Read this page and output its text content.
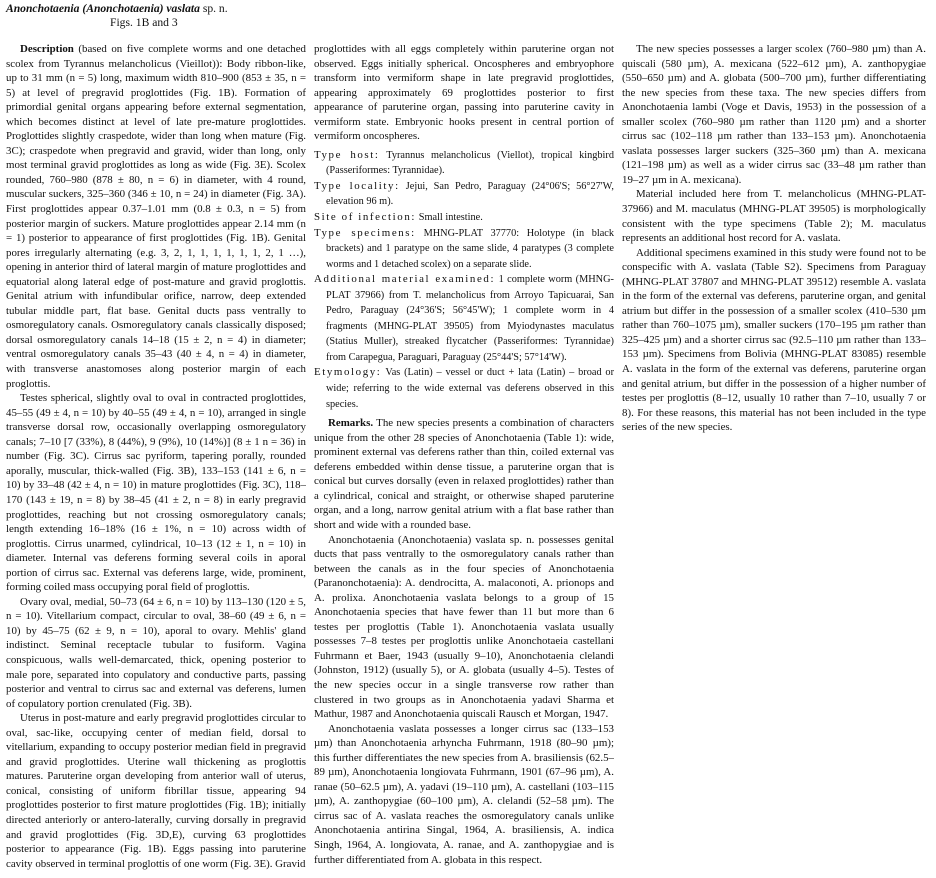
Anonchotaenia (Anonchotaenia) vaslata sp. n.
Figs. 1B and 3

Description (based on five complete worms and one detached scolex from Tyrannus melancholicus (Vieillot)): Body ribbon-like, up to 31 mm (n = 5) long, maximum width 810–900 (853 ± 35, n = 5) at level of pregravid proglottides (Fig. 1B). Formation of primordial genital organs appearing before external segmentation, which becomes distinct at level of late pre-mature proglottides. Proglottides slightly craspedote, wider than long when mature (Fig. 3C); craspedote when pregravid and gravid, wider than long, only most terminal gravid proglottides as long as wide (Fig. 3E). Scolex rounded, 760–980 (878 ± 80, n = 6) in diameter, with 4 round, muscular suckers, 325–360 (346 ± 10, n = 24) in diameter (Fig. 3A). First proglottides appear 0.37–1.01 mm (0.8 ± 0.3, n = 5) from posterior margin of suckers. Mature proglottides appear 2.14 mm (n = 1) posterior to appearance of first proglottides (Fig. 1B). Genital pores irregularly alternating (e.g. 3, 2, 1, 1, 1, 1, 1, 1, 2, 1 …), opening in anterior third of lateral margin of mature proglottides and equatorial along lateral edge of post-mature and gravid proglottis. Genital atrium with infundibular orifice, narrow, deep extended tubular middle part, flat base. Genital ducts pass ventrally to osmoregulatory canals. Osmoregulatory canals classically disposed; dorsal osmoregulatory canals 14–18 (15 ± 2, n = 4) in diameter; ventral osmoregulatory canals 35–43 (40 ± 4, n = 4) in diameter, with transverse anastomoses along posterior margin of each proglottis.

Testes spherical, slightly oval to oval in contracted proglottides, 45–55 (49 ± 4, n = 10) by 40–55 (49 ± 4, n = 10), arranged in single transverse dorsal row, occasionally overlapping osmoregulatory canals; 7–10 [7 (33%), 8 (44%), 9 (9%), 10 (14%)] (8 ± 1 n = 36) in number (Fig. 3C). Cirrus sac pyriform, tapering porally, rounded aporally, muscular, thick-walled (Fig. 3B), 133–153 (141 ± 6, n = 10) by 33–48 (42 ± 4, n = 10) in mature proglottides (Fig. 3C), 118–170 (143 ± 19, n = 8) by 38–45 (41 ± 2, n = 8) in early pregravid proglottides, reaching but not crossing osmoregulatory canals; length extending 16–18% (16 ± 1%, n = 10) across width of proglottis. Cirrus unarmed, cylindrical, 10–13 (12 ± 1, n = 10) in diameter. Internal vas deferens forming several coils in aporal portion of cirrus sac. External vas deferens large, wide, prominent, forming coiled mass occupying poral field of proglottis.

Ovary oval, medial, 50–73 (64 ± 6, n = 10) by 113–130 (120 ± 5, n = 10). Vitellarium compact, circular to oval, 38–60 (49 ± 6, n = 10) by 45–75 (62 ± 9, n = 10), aporal to ovary. Mehlis' gland indistinct. Seminal receptacle tubular to fusiform. Vagina conspicuous, walls well-demarcated, thick, opening posterior to male pore, separated into copulatory and conductive parts, passing posterior and ventral to cirrus sac and external vas deferens, lumen of copulatory portion crenulated (Fig. 3B).

Uterus in post-mature and early pregravid proglottides circular to oval, sac-like, occupying center of median field, dorsal to vitellarium, expanding to occupy posterior median field in pregravid and gravid proglottides. Uterine wall thickening as proglottis matures. Paruterine organ developing from anterior wall of uterus, conical, consisting of uniform fibrillar tissue, appearing 94 proglottides posterior to first mature proglottides (Fig. 1B); initially directed anteriorly or antero-laterally, curving dorsally in pregravid and gravid proglottides (Fig. 3D,E), curving 63 proglottides posterior to appearance (Fig. 1B). Eggs passing into paruterine cavity observed in terminal proglottis of one worm (Fig. 3E). Gravid

proglottides with all eggs completely within paruterine organ not observed. Eggs initially spherical. Oncospheres and embryophore transform into vermiform shape in late pregravid proglottides, appearing approximately 69 proglottides posterior to first appearance of paruterine organ, passing into paruterine cavity in vermiform state. Embryonic hooks present in central portion of vermiform oncospheres.

Type host: Tyrannus melancholicus (Viellot), tropical kingbird (Passeriformes: Tyrannidae).

Type locality: Jejui, San Pedro, Paraguay (24°06'S; 56°27'W, elevation 96 m).

Site of infection: Small intestine.

Type specimens: MHNG-PLAT 37770: Holotype (in black brackets) and 1 paratype on the same slide, 4 paratypes (3 complete worms and 1 detached scolex) on a separate slide.

Additional material examined: 1 complete worm (MHNG-PLAT 37966) from T. melancholicus from Arroyo Tapicuarai, San Pedro, Paraguay (24°36'S; 56°45'W); 1 complete worm in 4 fragments (MHNG-PLAT 39505) from Myiodynastes maculatus (Statius Muller), streaked flycatcher (Passeriformes: Tyrannidae) from Carapegua, Paraguari, Paraguay (25°44'S; 57°14'W).

Etymology: Vas (Latin) – vessel or duct + lata (Latin) – broad or wide; referring to the wide external vas deferens observed in this species.

Remarks. The new species presents a combination of characters unique from the other 28 species of Anonchotaenia (Table 1): wide, prominent external vas deferens rather than thin, coiled external vas deferens embedded within dense tissue, a paruterine organ that is conical but curves dorsally (even in relaxed proglottides) rather than a cylindrical, conical and straight, or otherwise shaped paruterine organ, and a long, narrow genital atrium with a flat base rather than short and wide with a rounded base.

Anonchotaenia (Anonchotaenia) vaslata sp. n. possesses genital ducts that pass ventrally to the osmoregulatory canals rather than between the canals as in the four species of Anonchotaenia (Paranonchotaenia): A. dendrocitta, A. malaconoti, A. prionops and A. prolixa. Anonchotaenia vaslata belongs to a group of 15 Anonchotaenia species that have fewer than 11 but more than 6 testes per proglottis (Table 1). Anonchotaenia vaslata usually possesses 7–8 testes per proglottis unlike Anonchotaeia castellani Fuhrmann et Baer, 1943 (usually 9–10), Anonchotaenia clelandi (Johnston, 1912) (usually 5), or A. globata (usually 4–5). Testes of the new species occur in a single transverse row rather than clustered in two groups as in Anonchotaenia yadavi Sharma et Mathur, 1987 and Anonchotaenia quiscali Rausch et Morgan, 1947.

Anonchotaenia vaslata possesses a longer cirrus sac (133–153 µm) than Anonchotaenia arhyncha Fuhrmann, 1918 (80–90 µm); this further differentiates the new species from A. brasiliensis (62.5–89 µm), Anonchotaenia longiovata Fuhrmann, 1901 (67–96 µm), A. ranae (50–62.5 µm), A. yadavi (19–110 µm), A. castellani (103–115 µm), A. zanthopygiae (60–100 µm), A. clelandi (52–58 µm). The cirrus sac of A. vaslata reaches the osmoregulatory canals unlike Anonchotaenia antirina Singal, 1964, A. brasiliensis, A. indica Singh, 1964, A. longiovata, A. ranae, and A. zanthopygiae and is further differentiated from A. globata in this respect.

The new species possesses a larger scolex (760–980 µm) than A. quiscali (580 µm), A. mexicana (522–612 µm), A. zanthopygiae (550–650 µm) and A. globata (500–700 µm), further differentiating the new species from these taxa. The new species differs from Anonchotaenia lambi (Voge et Davis, 1953) in the possession of a smaller scolex (760–980 µm rather than 1120 µm) and a shorter cirrus sac (102–118 µm rather than 133–153 µm). Anonchotaenia vaslata possesses larger suckers (325–360 µm) than A. mexicana (121–198 µm) as well as a wider cirrus sac (33–48 µm rather than 19–27 µm in A. mexicana).

Material included here from T. melancholicus (MHNG-PLAT-37966) and M. maculatus (MHNG-PLAT 39505) is morphologically consistent with the type specimens (Table 2); M. maculatus represents an additional host record for A. vaslata.

Additional specimens examined in this study were found not to be conspecific with A. vaslata (Table S2). Specimens from Paraguay (MHNG-PLAT 37807 and MHNG-PLAT 39512) resemble A. vaslata in the form of the external vas deferens, paruterine organ, and genital atrium but differ in the possession of a smaller scolex (410–530 µm rather than 760–1075 µm), smaller suckers (170–195 µm rather than 325–425 µm) and a shorter cirrus sac (92.5–110 µm rather than 133–153 µm). Specimens from Bolivia (MHNG-PLAT 83085) resemble A. vaslata in the form of the external vas deferens, paruterine organ and genital atrium, but differ in the possession of a higher number of testes per proglottis (8–12, usually 10 rather than 7–10, usually 7 or 8). For these reasons, this material has not been included in the type series of the new species.
